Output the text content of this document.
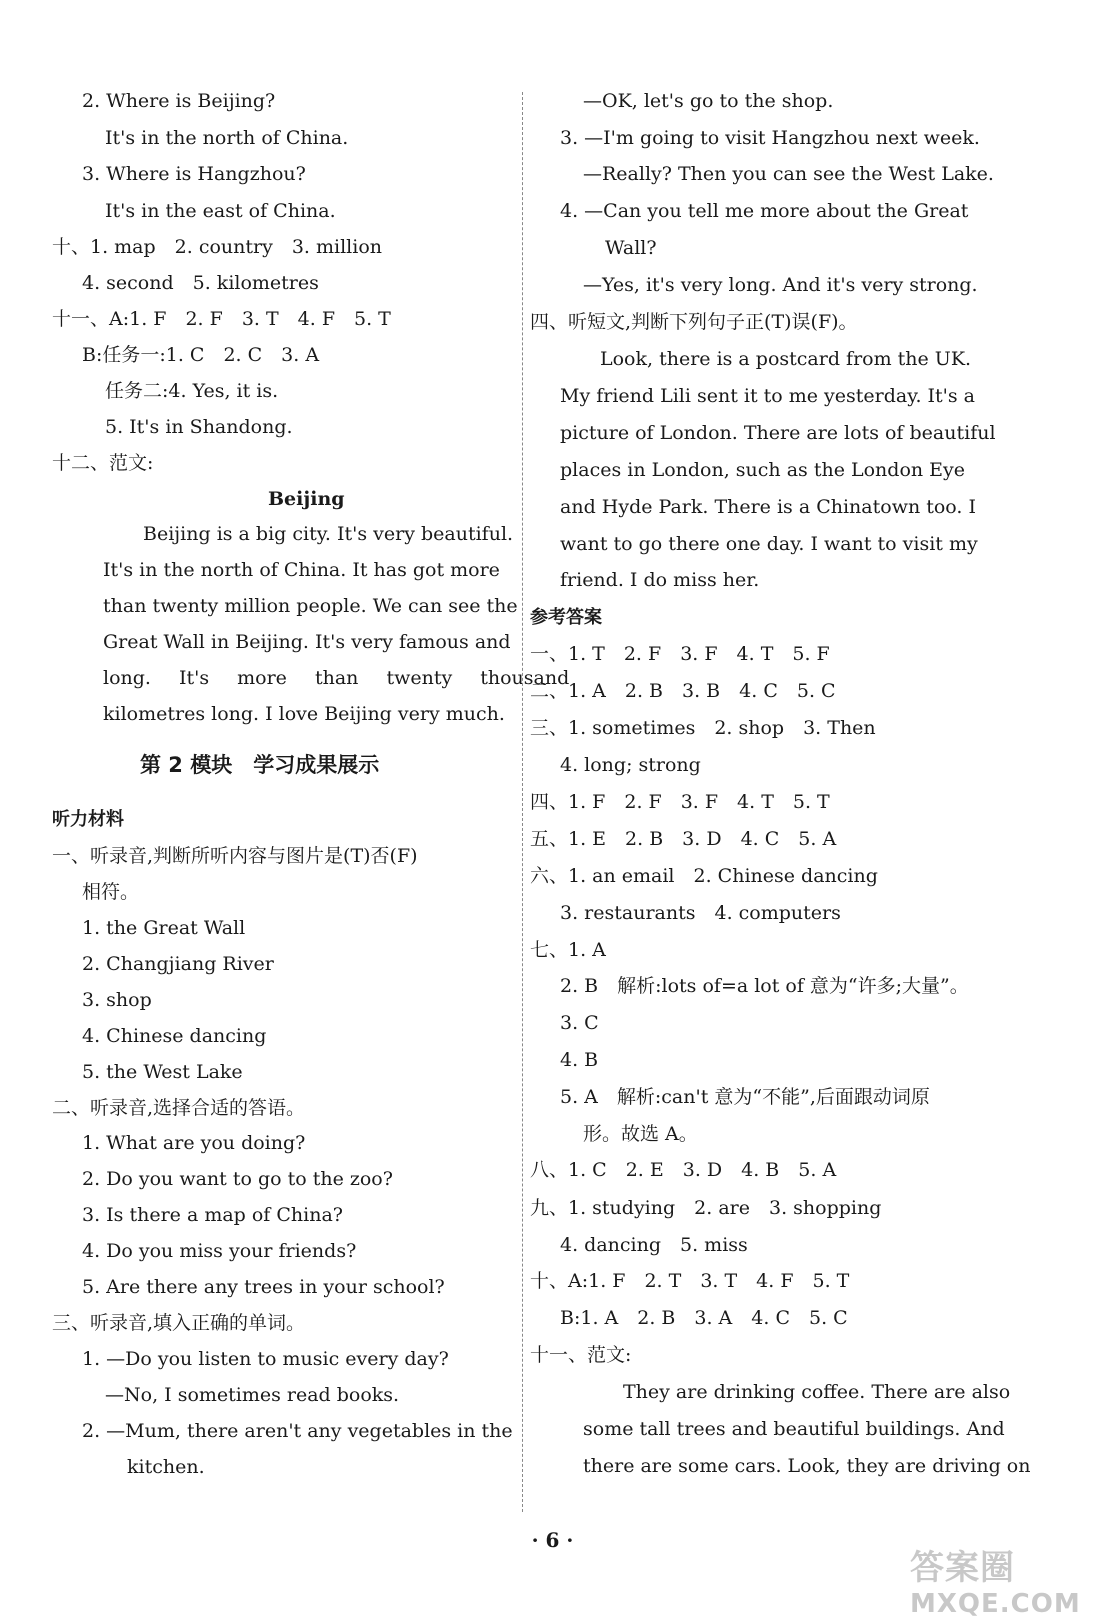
2. Where is Beijing?
It's in the north of China.
3. Where is Hangzhou?
It's in the east of China.
十、1. map　2. country　3. million
4. second　5. kilometres
十一、A:1. F　2. F　3. T　4. F　5. T
B:任务一:1. C　2. C　3. A
任务二:4. Yes, it is.
5. It's in Shandong.
十二、范文:
Beijing
Beijing is a big city. It's very beautiful.
It's in the north of China. It has got more
than twenty million people. We can see the
Great Wall in Beijing. It's very famous and
long. It's more than twenty thousand
kilometres long. I love Beijing very much.
第 2 模块　学习成果展示
听力材料
一、听录音,判断所听内容与图片是(T)否(F)
相符。
1. the Great Wall
2. Changjiang River
3. shop
4. Chinese dancing
5. the West Lake
二、听录音,选择合适的答语。
1. What are you doing?
2. Do you want to go to the zoo?
3. Is there a map of China?
4. Do you miss your friends?
5. Are there any trees in your school?
三、听录音,填入正确的单词。
1. —Do you listen to music every day?
—No, I sometimes read books.
2. —Mum, there aren't any vegetables in the
kitchen.
—OK, let's go to the shop.
3. —I'm going to visit Hangzhou next week.
—Really? Then you can see the West Lake.
4. —Can you tell me more about the Great
Wall?
—Yes, it's very long. And it's very strong.
四、听短文,判断下列句子正(T)误(F)。
Look, there is a postcard from the UK.
My friend Lili sent it to me yesterday. It's a
picture of London. There are lots of beautiful
places in London, such as the London Eye
and Hyde Park. There is a Chinatown too. I
want to go there one day. I want to visit my
friend. I do miss her.
参考答案
一、1. T　2. F　3. F　4. T　5. F
二、1. A　2. B　3. B　4. C　5. C
三、1. sometimes　2. shop　3. Then
4. long; strong
四、1. F　2. F　3. F　4. T　5. T
五、1. E　2. B　3. D　4. C　5. A
六、1. an email　2. Chinese dancing
3. restaurants　4. computers
七、1. A
2. B　解析:lots of=a lot of 意为“许多;大量”。
3. C
4. B
5. A　解析:can't 意为“不能”,后面跟动词原
形。故选 A。
八、1. C　2. E　3. D　4. B　5. A
九、1. studying　2. are　3. shopping
4. dancing　5. miss
十、A:1. F　2. T　3. T　4. F　5. T
B:1. A　2. B　3. A　4. C　5. C
十一、范文:
They are drinking coffee. There are also
some tall trees and beautiful buildings. And
there are some cars. Look, they are driving on
· 6 ·
答案圈
MXQE.COM
